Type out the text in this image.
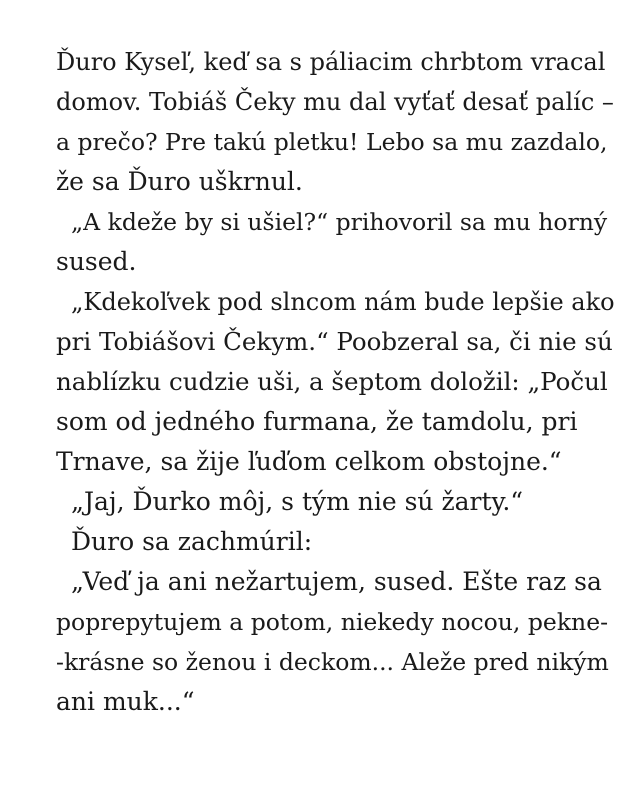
Ďuro Kyseľ, keď sa s páliacim chrbtom vracal
domov. Tobiáš Čeky mu dal vyťať desať palíc –
a prečo? Pre takú pletku! Lebo sa mu zazdalo,
že sa Ďuro uškrnul.
„A kdeže by si ušiel?“ prihovoril sa mu horný
sused.
„Kdekoľvek pod slncom nám bude lepšie ako
pri Tobiášovi Čekym.“ Poobzeral sa, či nie sú
nablízku cudzie uši, a šeptom doložil: „Počul
som od jedného furmana, že tamdolu, pri
Trnave, sa žije ľuďom celkom obstojne.“
„Jaj, Ďurko môj, s tým nie sú žarty.“
Ďuro sa zachmúril:
„Veď ja ani nežartujem, sused. Ešte raz sa
poprepytujem a potom, niekedy nocou, pekne-
-krásne so ženou i deckom... Aleže pred nikým
ani muk...“
